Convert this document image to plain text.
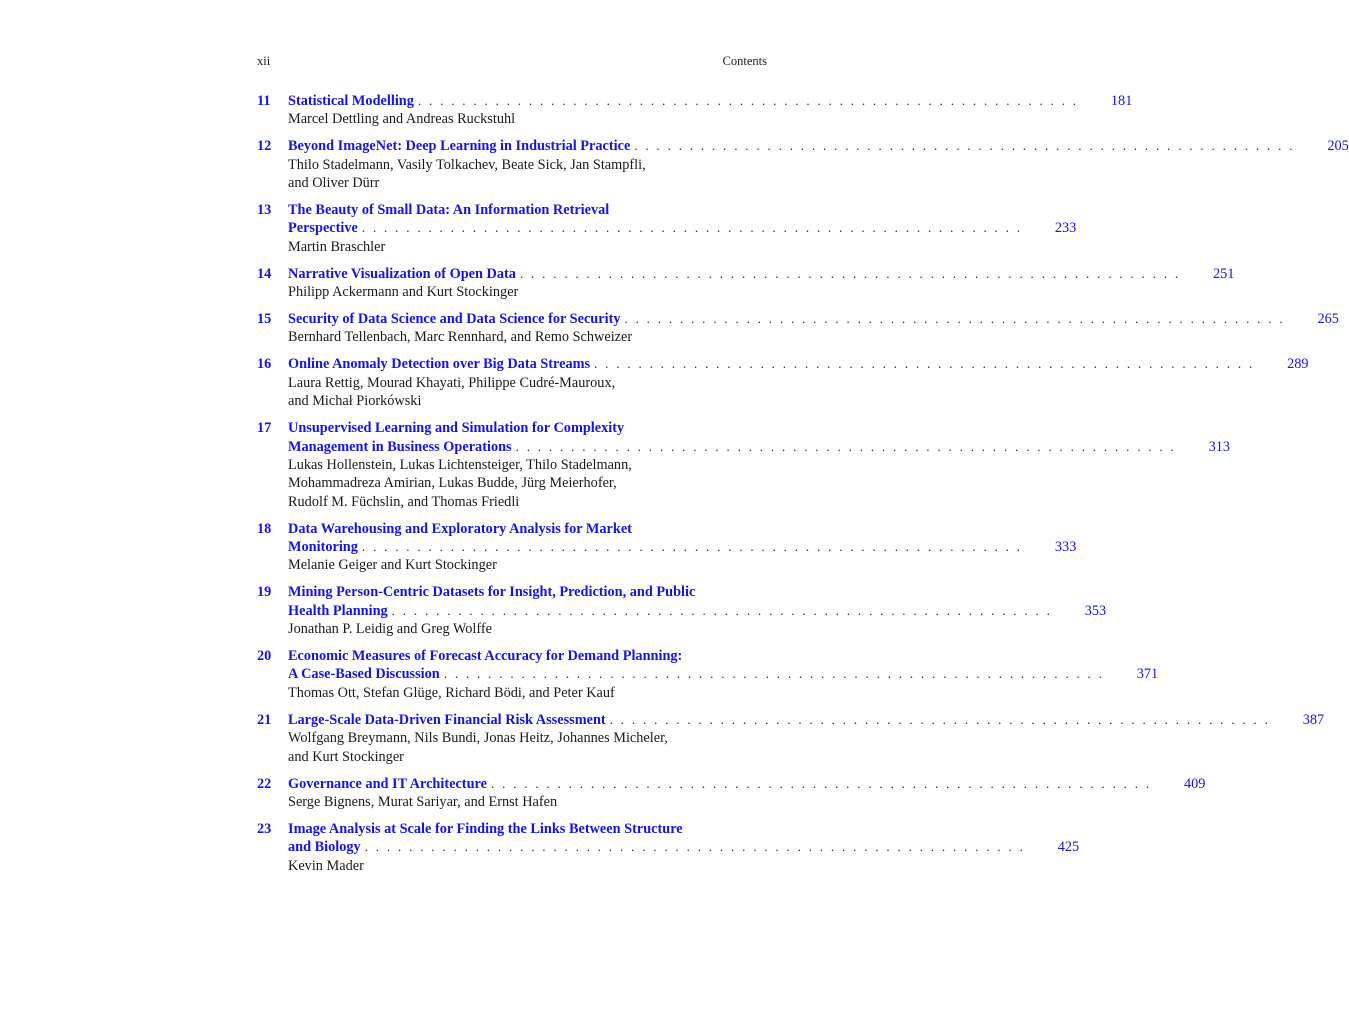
xii	Contents
11	Statistical Modelling . . . . . . . . . . . . . . . . . . . . . . . . . . . . . . . . . . . . . . . . . . . . . . . . . . . . . . . . . . . .	181
Marcel Dettling and Andreas Ruckstuhl
12	Beyond ImageNet: Deep Learning in Industrial Practice . . . . . . . . . . . . . . . . . . . . . . . . . . . . . . . . . . . . . . . . . . . . . . . . . . . . . . . . . . . .	205
Thilo Stadelmann, Vasily Tolkachev, Beate Sick, Jan Stampfli,
and Oliver Dürr
13	The Beauty of Small Data: An Information Retrieval
Perspective . . . . . . . . . . . . . . . . . . . . . . . . . . . . . . . . . . . . . . . . . . . . . . . . . . . . . . . . . . . .	233
Martin Braschler
14	Narrative Visualization of Open Data . . . . . . . . . . . . . . . . . . . . . . . . . . . . . . . . . . . . . . . . . . . . . . . . . . . . . . . . . . . .	251
Philipp Ackermann and Kurt Stockinger
15	Security of Data Science and Data Science for Security . . . . . . . . . . . . . . . . . . . . . . . . . . . . . . . . . . . . . . . . . . . . . . . . . . . . . . . . . . . .	265
Bernhard Tellenbach, Marc Rennhard, and Remo Schweizer
16	Online Anomaly Detection over Big Data Streams . . . . . . . . . . . . . . . . . . . . . . . . . . . . . . . . . . . . . . . . . . . . . . . . . . . . . . . . . . . .	289
Laura Rettig, Mourad Khayati, Philippe Cudré-Mauroux,
and Michał Piorkówski
17	Unsupervised Learning and Simulation for Complexity
Management in Business Operations . . . . . . . . . . . . . . . . . . . . . . . . . . . . . . . . . . . . . . . . . . . . . . . . . . . . . . . . . . . .	313
Lukas Hollenstein, Lukas Lichtensteiger, Thilo Stadelmann,
Mohammadreza Amirian, Lukas Budde, Jürg Meierhofer,
Rudolf M. Füchslin, and Thomas Friedli
18	Data Warehousing and Exploratory Analysis for Market
Monitoring . . . . . . . . . . . . . . . . . . . . . . . . . . . . . . . . . . . . . . . . . . . . . . . . . . . . . . . . . . . .	333
Melanie Geiger and Kurt Stockinger
19	Mining Person-Centric Datasets for Insight, Prediction, and Public
Health Planning . . . . . . . . . . . . . . . . . . . . . . . . . . . . . . . . . . . . . . . . . . . . . . . . . . . . . . . . . . . .	353
Jonathan P. Leidig and Greg Wolffe
20	Economic Measures of Forecast Accuracy for Demand Planning:
A Case-Based Discussion . . . . . . . . . . . . . . . . . . . . . . . . . . . . . . . . . . . . . . . . . . . . . . . . . . . . . . . . . . . .	371
Thomas Ott, Stefan Glüge, Richard Bödi, and Peter Kauf
21	Large-Scale Data-Driven Financial Risk Assessment . . . . . . . . . . . . . . . . . . . . . . . . . . . . . . . . . . . . . . . . . . . . . . . . . . . . . . . . . . . .	387
Wolfgang Breymann, Nils Bundi, Jonas Heitz, Johannes Micheler,
and Kurt Stockinger
22	Governance and IT Architecture . . . . . . . . . . . . . . . . . . . . . . . . . . . . . . . . . . . . . . . . . . . . . . . . . . . . . . . . . . . .	409
Serge Bignens, Murat Sariyar, and Ernst Hafen
23	Image Analysis at Scale for Finding the Links Between Structure
and Biology . . . . . . . . . . . . . . . . . . . . . . . . . . . . . . . . . . . . . . . . . . . . . . . . . . . . . . . . . . . .	425
Kevin Mader
